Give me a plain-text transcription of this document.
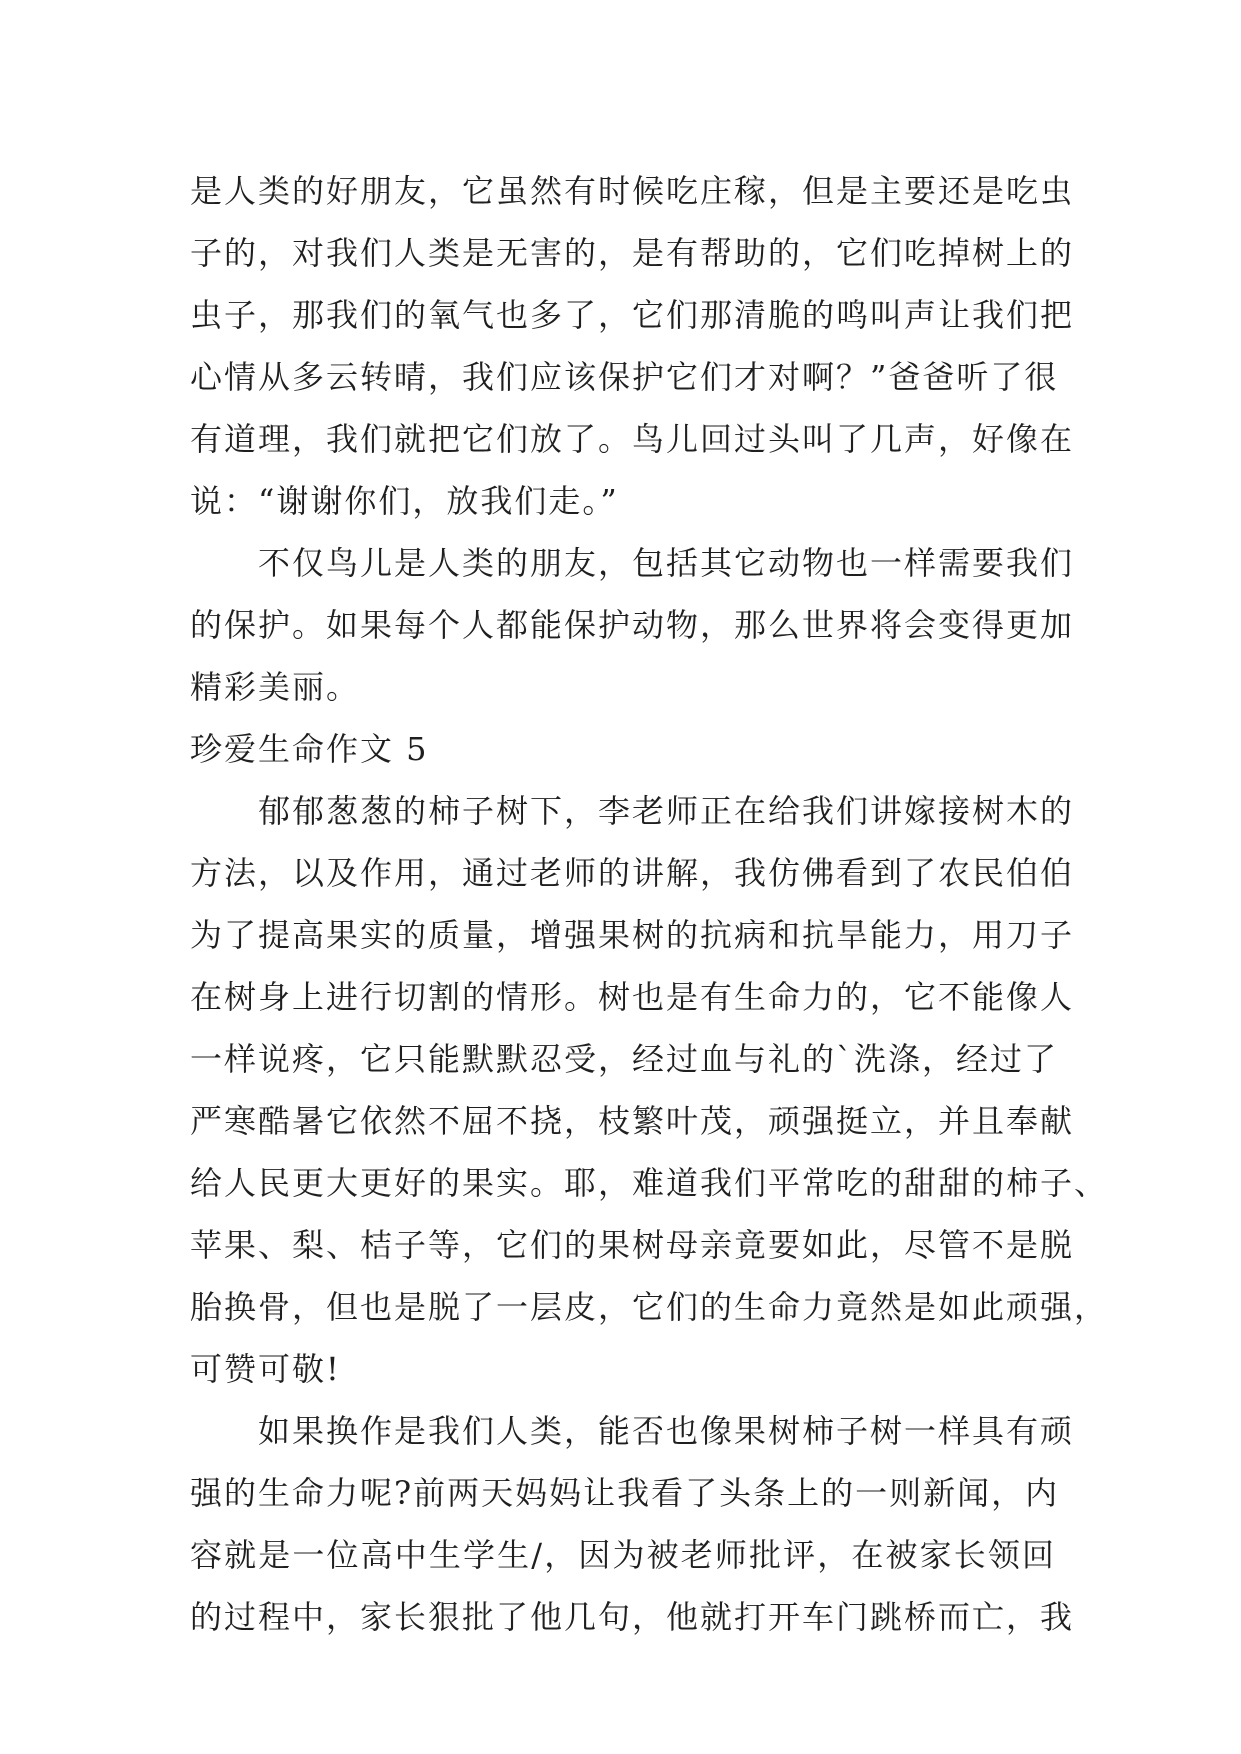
是人类的好朋友，它虽然有时候吃庄稼，但是主要还是吃虫
子的，对我们人类是无害的，是有帮助的，它们吃掉树上的
虫子，那我们的氧气也多了，它们那清脆的鸣叫声让我们把
心情从多云转晴，我们应该保护它们才对啊？”爸爸听了很
有道理，我们就把它们放了。鸟儿回过头叫了几声，好像在
说：“谢谢你们，放我们走。”
不仅鸟儿是人类的朋友，包括其它动物也一样需要我们
的保护。如果每个人都能保护动物，那么世界将会变得更加
精彩美丽。
珍爱生命作文 5
郁郁葱葱的柿子树下，李老师正在给我们讲嫁接树木的
方法，以及作用，通过老师的讲解，我仿佛看到了农民伯伯
为了提高果实的质量，增强果树的抗病和抗旱能力，用刀子
在树身上进行切割的情形。树也是有生命力的，它不能像人
一样说疼，它只能默默忍受，经过血与礼的`洗涤，经过了
严寒酷暑它依然不屈不挠，枝繁叶茂，顽强挺立，并且奉献
给人民更大更好的果实。耶，难道我们平常吃的甜甜的柿子、
苹果、梨、桔子等，它们的果树母亲竟要如此，尽管不是脱
胎换骨，但也是脱了一层皮，它们的生命力竟然是如此顽强，
可赞可敬!
如果换作是我们人类，能否也像果树柿子树一样具有顽
强的生命力呢?前两天妈妈让我看了头条上的一则新闻，内
容就是一位高中生学生/，因为被老师批评，在被家长领回
的过程中，家长狠批了他几句，他就打开车门跳桥而亡，我
